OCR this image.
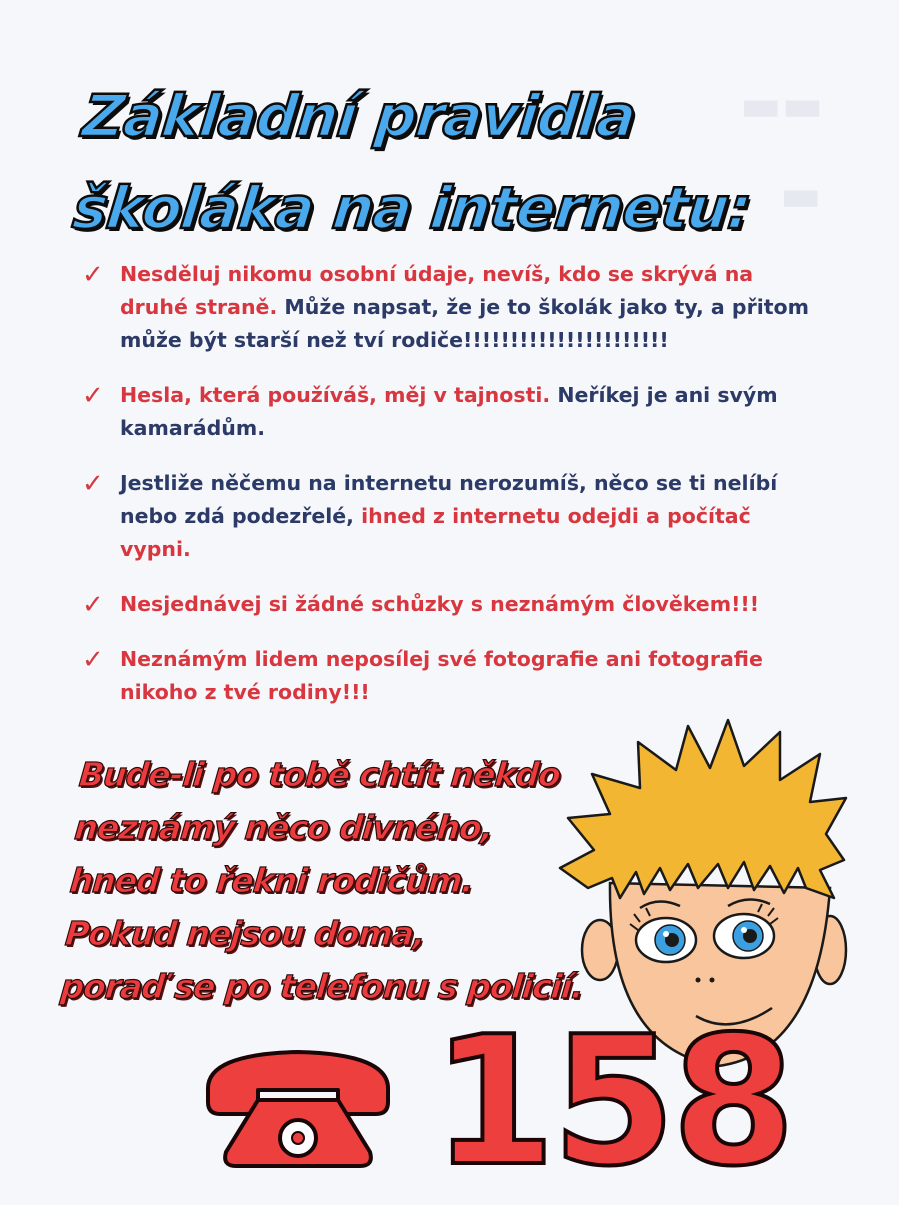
▬▬
▬
Základní pravidla
školáka na internetu:
✓ Nesděluj nikomu osobní údaje, nevíš, kdo se skrývá na druhé straně. Může napsat, že je to školák jako ty, a přitom může být starší než tví rodiče!!!!!!!!!!!!!!!!!!!!!!
✓ Hesla, která používáš, měj v tajnosti. Neříkej je ani svým kamarádům.
✓ Jestliže něčemu na internetu nerozumíš, něco se ti nelíbí nebo zdá podezřelé, ihned z internetu odejdi a počítač vypni.
✓ Nesjednávej si žádné schůzky s neznámým člověkem!!!
✓ Neznámým lidem neposílej své fotografie ani fotografie nikoho z tvé rodiny!!!

Bude-li po tobě chtít někdo
neznámý něco divného,
hned to řekni rodičům.
Pokud nejsou doma,
poraď se po telefonu s policií.

158
